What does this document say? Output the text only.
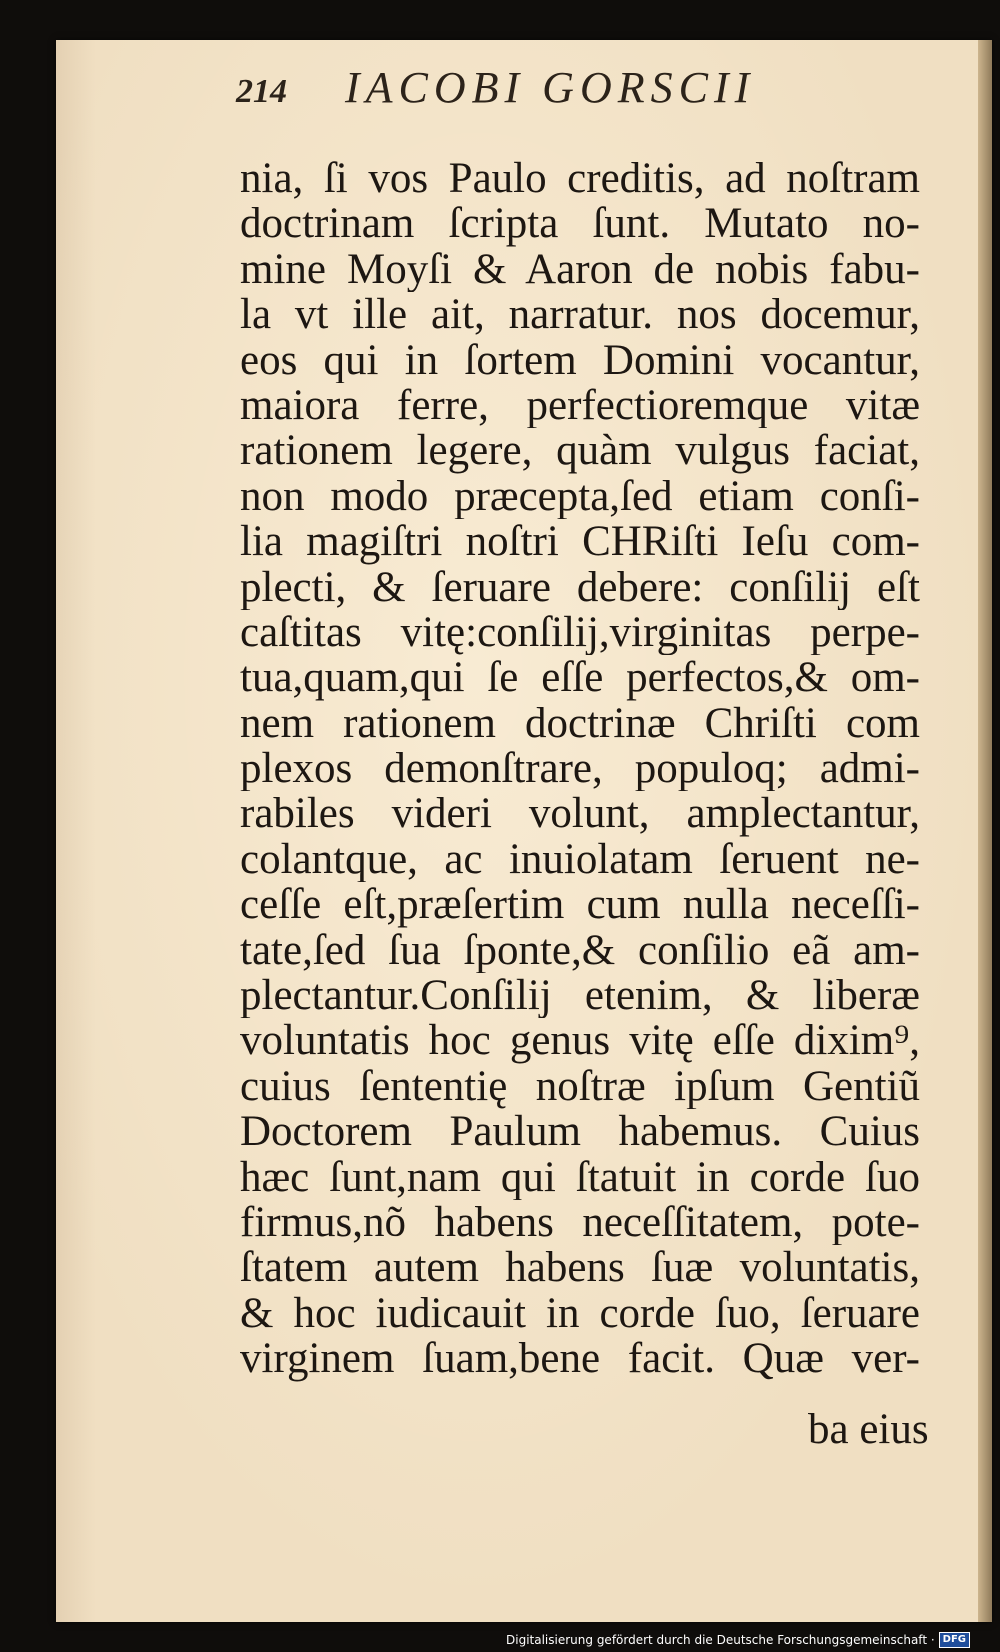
214 IACOBI GORSCII
nia, ſi vos Paulo creditis, ad noſtram
doctrinam ſcripta ſunt. Mutato no-
mine Moyſi & Aaron de nobis fabu-
la vt ille ait, narratur. nos docemur,
eos qui in ſortem Domini vocantur,
maiora ferre, perfectioremque vitæ
rationem legere, quàm vulgus faciat,
non modo præcepta,ſed etiam conſi-
lia magiſtri noſtri CHRiſti Ieſu com-
plecti, & ſeruare debere: conſilij eſt
caſtitas vitę:conſilij,virginitas perpe-
tua,quam,qui ſe eſſe perfectos,& om-
nem rationem doctrinæ Chriſti com
plexos demonſtrare, populoq; admi-
rabiles videri volunt, amplectantur,
colantque, ac inuiolatam ſeruent ne-
ceſſe eſt,præſertim cum nulla neceſſi-
tate,ſed ſua ſponte,& conſilio eã am-
plectantur.Conſilij etenim, & liberæ
voluntatis hoc genus vitę eſſe dixim⁹,
cuius ſententię noſtræ ipſum Gentiũ
Doctorem Paulum habemus. Cuius
hæc ſunt,nam qui ſtatuit in corde ſuo
firmus,nõ habens neceſſitatem, pote-
ſtatem autem habens ſuæ voluntatis,
& hoc iudicauit in corde ſuo, ſeruare
virginem ſuam,bene facit. Quæ ver-
ba eius
Digitalisierung gefördert durch die Deutsche Forschungsgemeinschaft · DFG
